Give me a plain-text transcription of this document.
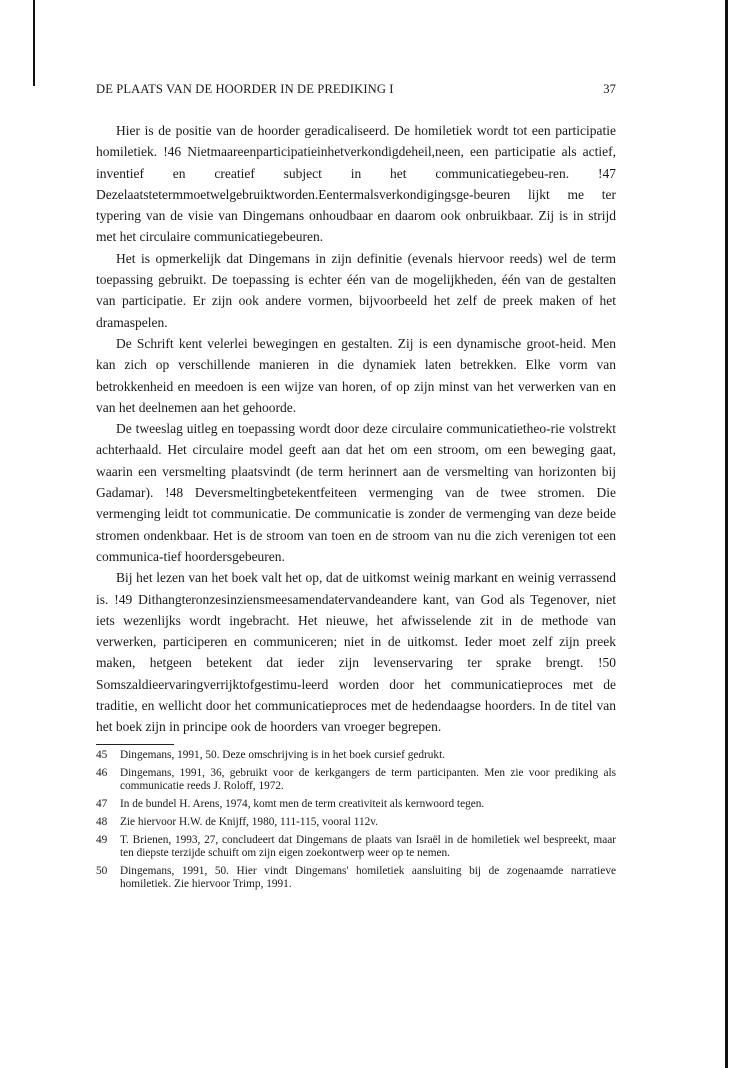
DE PLAATS VAN DE HOORDER IN DE PREDIKING I	37

Hier is de positie van de hoorder geradicaliseerd. De homiletiek wordt tot een participatie homiletiek. !46 Nietmaareenparticipatieinhetverkondigdeheil,neen, een participatie als actief, inventief en creatief subject in het communicatiegebeu-ren. !47 Dezelaatstetermmoetwelgebruiktworden.Eentermalsverkondigingsge-beuren lijkt me ter typering van de visie van Dingemans onhoudbaar en daarom ook onbruikbaar. Zij is in strijd met het circulaire communicatiegebeuren.

Het is opmerkelijk dat Dingemans in zijn definitie (evenals hiervoor reeds) wel de term toepassing gebruikt. De toepassing is echter één van de mogelijkheden, één van de gestalten van participatie. Er zijn ook andere vormen, bijvoorbeeld het zelf de preek maken of het dramaspelen.

De Schrift kent velerlei bewegingen en gestalten. Zij is een dynamische groot-heid. Men kan zich op verschillende manieren in die dynamiek laten betrekken. Elke vorm van betrokkenheid en meedoen is een wijze van horen, of op zijn minst van het verwerken van en van het deelnemen aan het gehoorde.

De tweeslag uitleg en toepassing wordt door deze circulaire communicatietheo-rie volstrekt achterhaald. Het circulaire model geeft aan dat het om een stroom, om een beweging gaat, waarin een versmelting plaatsvindt (de term herinnert aan de versmelting van horizonten bij Gadamar). !48 Deversmeltingbetekentfeiteen vermenging van de twee stromen. Die vermenging leidt tot communicatie. De communicatie is zonder de vermenging van deze beide stromen ondenkbaar. Het is de stroom van toen en de stroom van nu die zich verenigen tot een communica-tief hoordersgebeuren.

Bij het lezen van het boek valt het op, dat de uitkomst weinig markant en weinig verrassend is. !49 Dithangteronzesinziensmeesamendatervandeandere kant, van God als Tegenover, niet iets wezenlijks wordt ingebracht. Het nieuwe, het afwisselende zit in de methode van verwerken, participeren en communiceren; niet in de uitkomst. Ieder moet zelf zijn preek maken, hetgeen betekent dat ieder zijn levenservaring ter sprake brengt. !50 Somszaldieervaringverrijktofgestimu-leerd worden door het communicatieproces met de traditie, en wellicht door het communicatieproces met de hedendaagse hoorders. In de titel van het boek zijn in principe ook de hoorders van vroeger begrepen.

45	Dingemans, 1991, 50. Deze omschrijving is in het boek cursief gedrukt.
46	Dingemans, 1991, 36, gebruikt voor de kerkgangers de term participanten. Men zie voor prediking als communicatie reeds J. Roloff, 1972.
47	In de bundel H. Arens, 1974, komt men de term creativiteit als kernwoord tegen.
48	Zie hiervoor H.W. de Knijff, 1980, 111-115, vooral 112v.
49	T. Brienen, 1993, 27, concludeert dat Dingemans de plaats van Israël in de homiletiek wel bespreekt, maar ten diepste terzijde schuift om zijn eigen zoekontwerp weer op te nemen.
50	Dingemans, 1991, 50. Hier vindt Dingemans' homiletiek aansluiting bij de zogenaamde narratieve homiletiek. Zie hiervoor Trimp, 1991.
